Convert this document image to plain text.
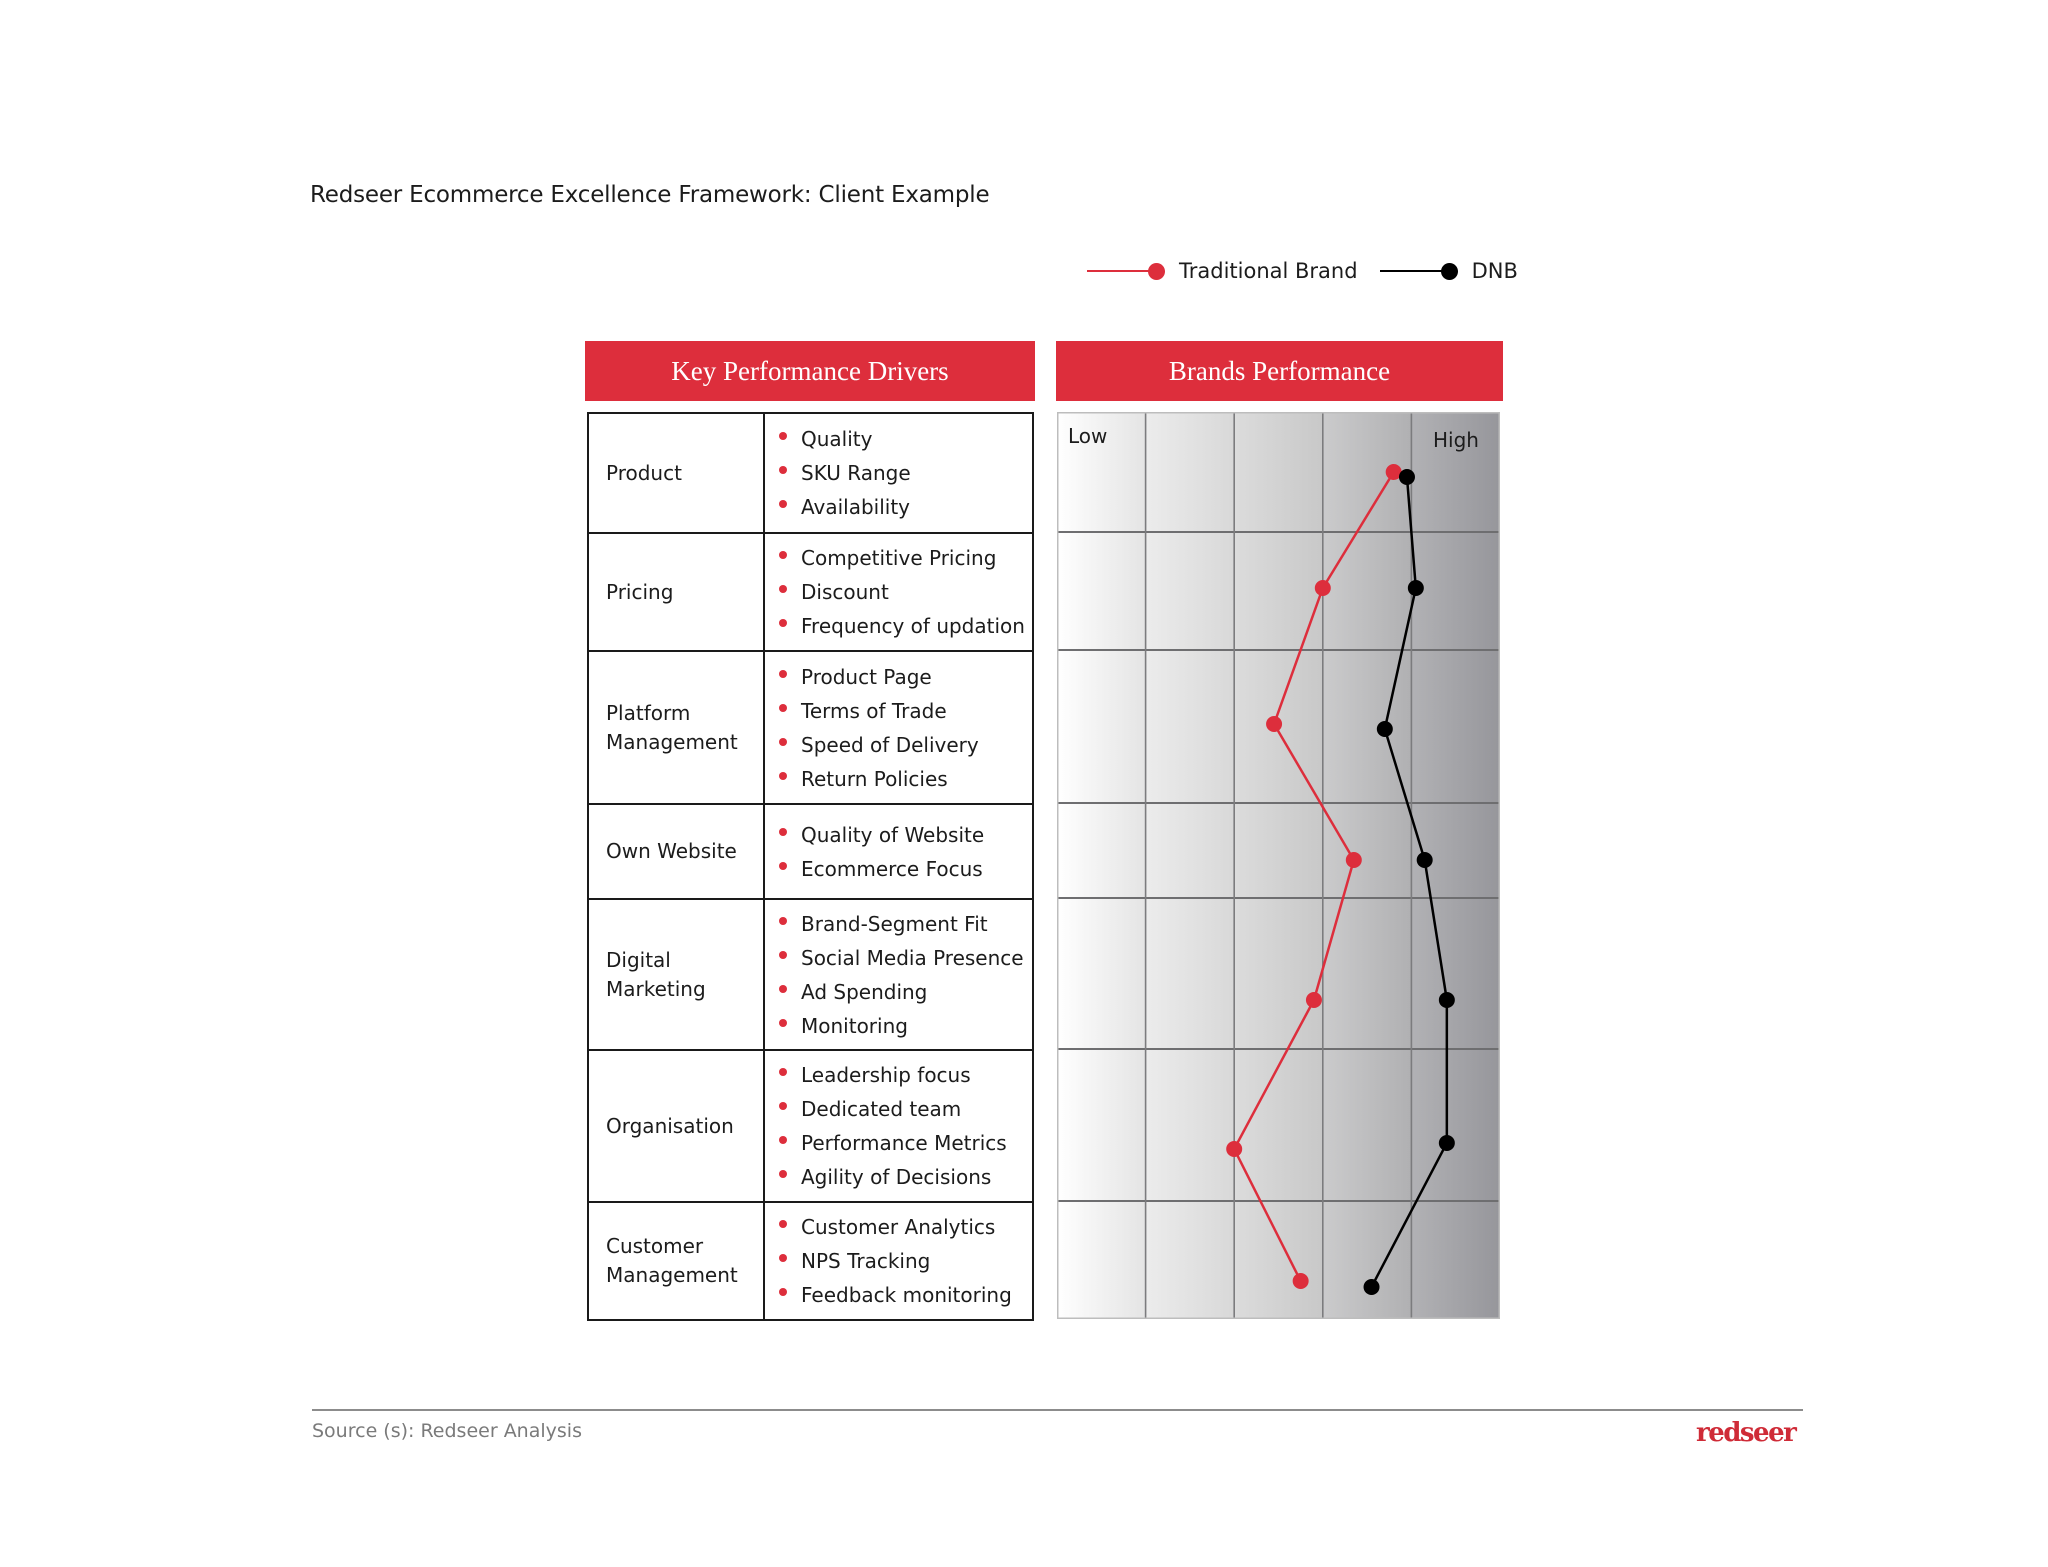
Redseer Ecommerce Excellence Framework: Client Example
Traditional Brand	DNB
Key Performance Drivers	Brands Performance
Product	
Quality
SKU Range
Availability

Pricing	
Competitive Pricing
Discount
Frequency of updation

Platform Management	
Product Page
Terms of Trade
Speed of Delivery
Return Policies

Own Website	
Quality of Website
Ecommerce Focus

Digital Marketing	
Brand-Segment Fit
Social Media Presence
Ad Spending
Monitoring

Organisation	
Leadership focus
Dedicated team
Performance Metrics
Agility of Decisions

Customer Management	
Customer Analytics
NPS Tracking
Feedback monitoring
Low	High
Source (s): Redseer Analysis	redseer
